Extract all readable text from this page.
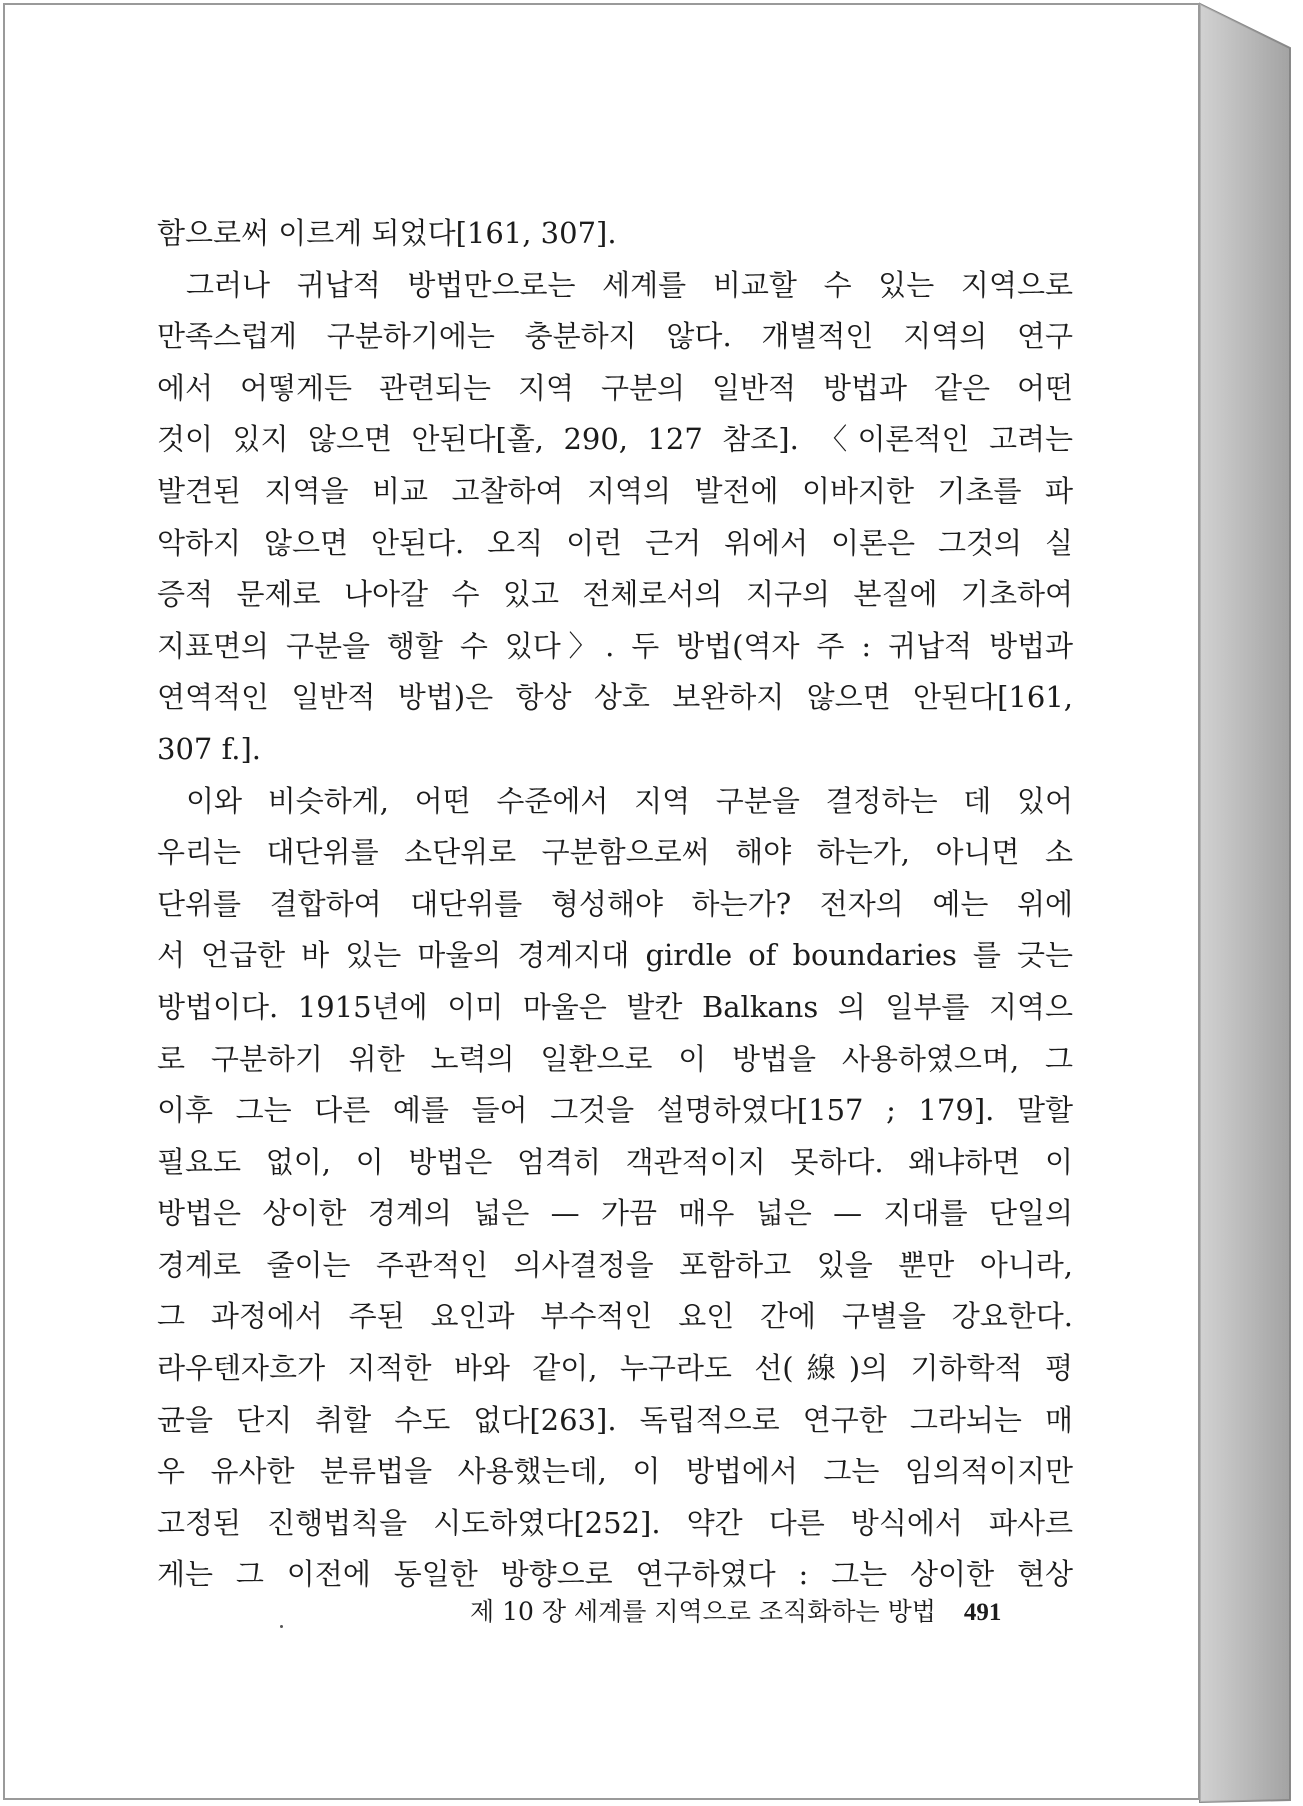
함으로써 이르게 되었다[161, 307].
그러나 귀납적 방법만으로는 세계를 비교할 수 있는 지역으로
만족스럽게 구분하기에는 충분하지 않다. 개별적인 지역의 연구
에서 어떻게든 관련되는 지역 구분의 일반적 방법과 같은 어떤
것이 있지 않으면 안된다[홀, 290, 127 참조]. 〈이론적인 고려는
발견된 지역을 비교 고찰하여 지역의 발전에 이바지한 기초를 파
악하지 않으면 안된다. 오직 이런 근거 위에서 이론은 그것의 실
증적 문제로 나아갈 수 있고 전체로서의 지구의 본질에 기초하여
지표면의 구분을 행할 수 있다〉. 두 방법(역자 주 : 귀납적 방법과
연역적인 일반적 방법)은 항상 상호 보완하지 않으면 안된다[161,
307 f.].
이와 비슷하게, 어떤 수준에서 지역 구분을 결정하는 데 있어
우리는 대단위를 소단위로 구분함으로써 해야 하는가, 아니면 소
단위를 결합하여 대단위를 형성해야 하는가? 전자의 예는 위에
서 언급한 바 있는 마울의 경계지대 girdle of boundaries 를 긋는
방법이다. 1915년에 이미 마울은 발칸 Balkans 의 일부를 지역으
로 구분하기 위한 노력의 일환으로 이 방법을 사용하였으며, 그
이후 그는 다른 예를 들어 그것을 설명하였다[157 ; 179]. 말할
필요도 없이, 이 방법은 엄격히 객관적이지 못하다. 왜냐하면 이
방법은 상이한 경계의 넓은 — 가끔 매우 넓은 — 지대를 단일의
경계로 줄이는 주관적인 의사결정을 포함하고 있을 뿐만 아니라,
그 과정에서 주된 요인과 부수적인 요인 간에 구별을 강요한다.
라우텐자흐가 지적한 바와 같이, 누구라도 선(線)의 기하학적 평
균을 단지 취할 수도 없다[263]. 독립적으로 연구한 그라뇌는 매
우 유사한 분류법을 사용했는데, 이 방법에서 그는 임의적이지만
고정된 진행법칙을 시도하였다[252]. 약간 다른 방식에서 파사르
게는 그 이전에 동일한 방향으로 연구하였다 : 그는 상이한 현상
제 10 장 세계를 지역으로 조직화하는 방법 491
